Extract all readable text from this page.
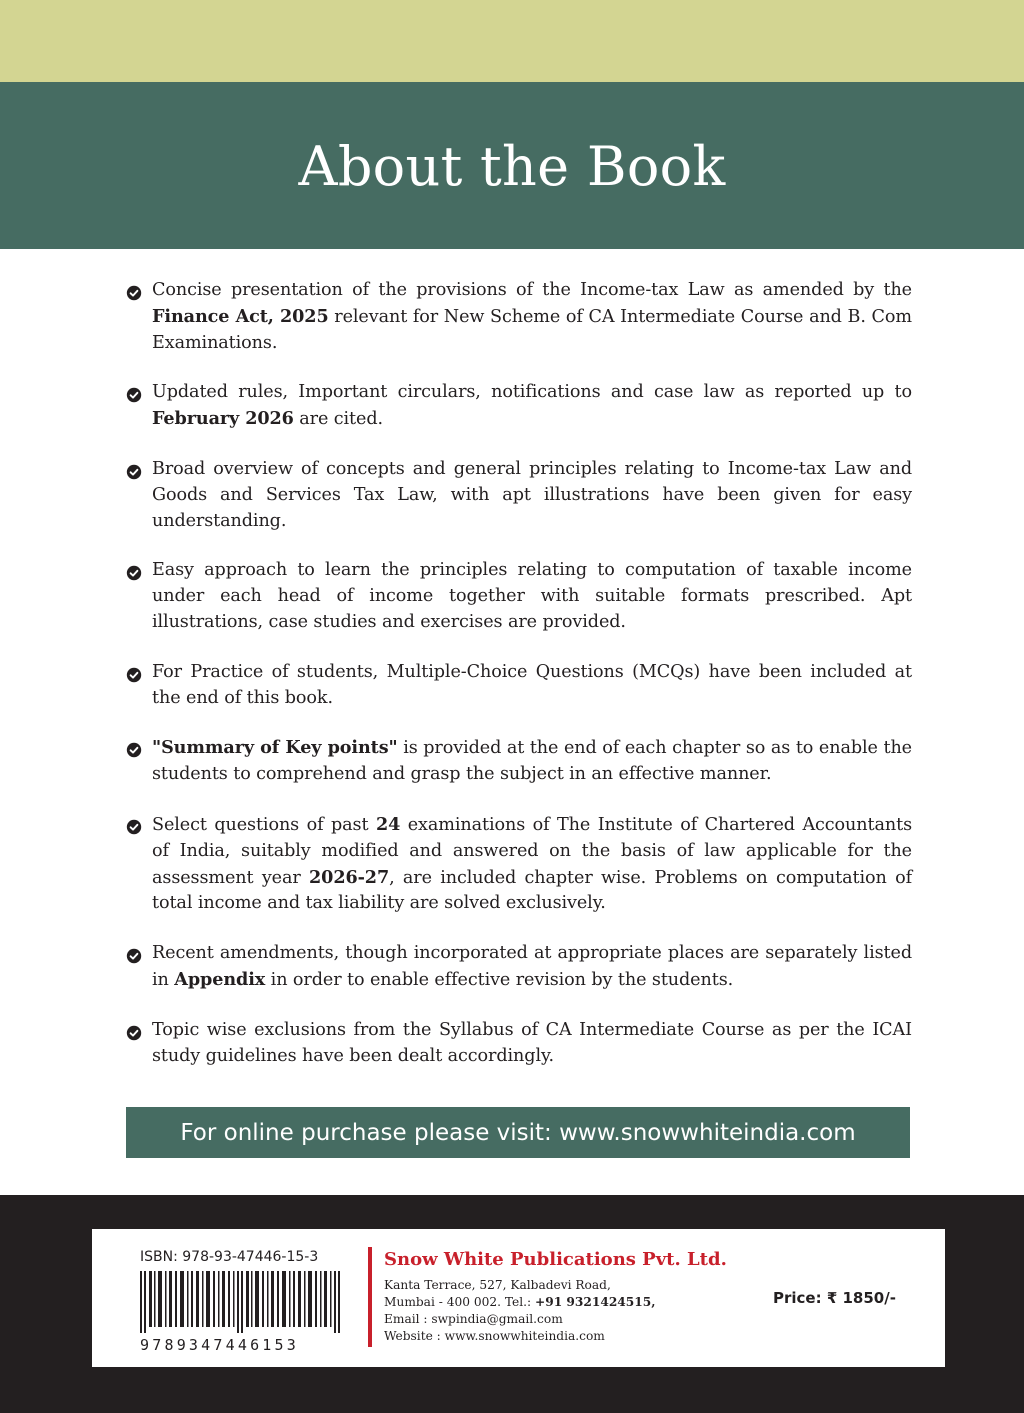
About the Book
Concise presentation of the provisions of the Income-tax Law as amended by the Finance Act, 2025 relevant for New Scheme of CA Intermediate Course and B. Com Examinations.
Updated rules, Important circulars, notifications and case law as reported up to February 2026 are cited.
Broad overview of concepts and general principles relating to Income-tax Law and Goods and Services Tax Law, with apt illustrations have been given for easy understanding.
Easy approach to learn the principles relating to computation of taxable income under each head of income together with suitable formats prescribed. Apt illustrations, case studies and exercises are provided.
For Practice of students, Multiple-Choice Questions (MCQs) have been included at the end of this book.
"Summary of Key points" is provided at the end of each chapter so as to enable the students to comprehend and grasp the subject in an effective manner.
Select questions of past 24 examinations of The Institute of Chartered Accountants of India, suitably modified and answered on the basis of law applicable for the assessment year 2026-27, are included chapter wise. Problems on computation of total income and tax liability are solved exclusively.
Recent amendments, though incorporated at appropriate places are separately listed in Appendix in order to enable effective revision by the students.
Topic wise exclusions from the Syllabus of CA Intermediate Course as per the ICAI study guidelines have been dealt accordingly.
For online purchase please visit: www.snowwhiteindia.com
ISBN: 978-93-47446-15-3
9789347446153
Snow White Publications Pvt. Ltd.
Kanta Terrace, 527, Kalbadevi Road,
Mumbai - 400 002. Tel.: +91 9321424515,
Email : swpindia@gmail.com
Website : www.snowwhiteindia.com
Price: ₹ 1850/-
